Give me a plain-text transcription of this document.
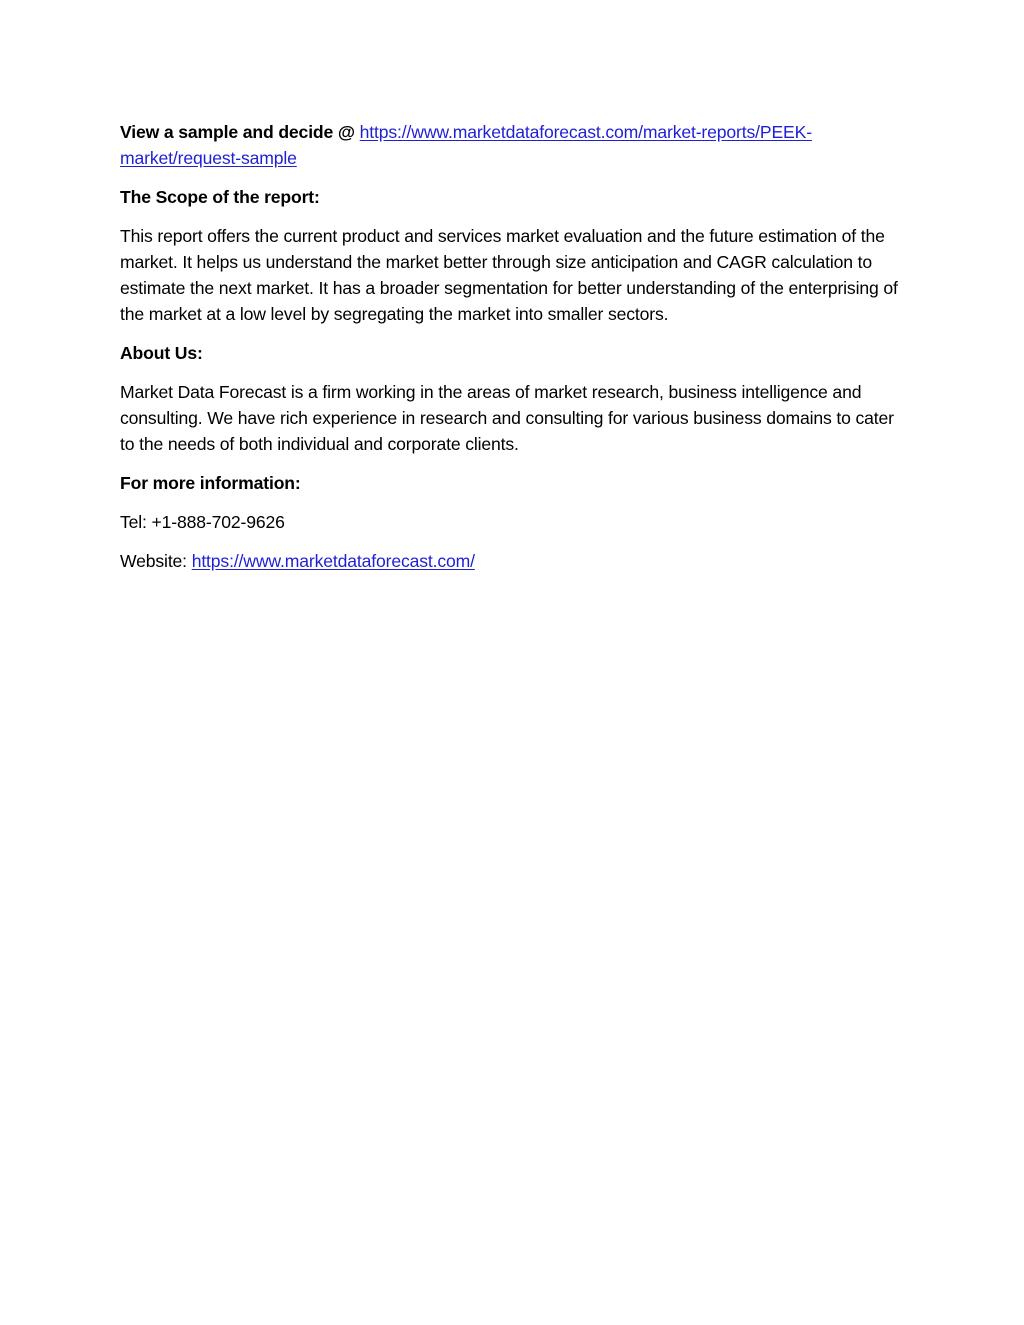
View a sample and decide @ https://www.marketdataforecast.com/market-reports/PEEK-
market/request-sample

The Scope of the report:

This report offers the current product and services market evaluation and the future estimation of the market. It helps us understand the market better through size anticipation and CAGR calculation to estimate the next market. It has a broader segmentation for better understanding of the enterprising of the market at a low level by segregating the market into smaller sectors.

About Us:

Market Data Forecast is a firm working in the areas of market research, business intelligence and consulting. We have rich experience in research and consulting for various business domains to cater to the needs of both individual and corporate clients.

For more information:

Tel: +1-888-702-9626

Website: https://www.marketdataforecast.com/
